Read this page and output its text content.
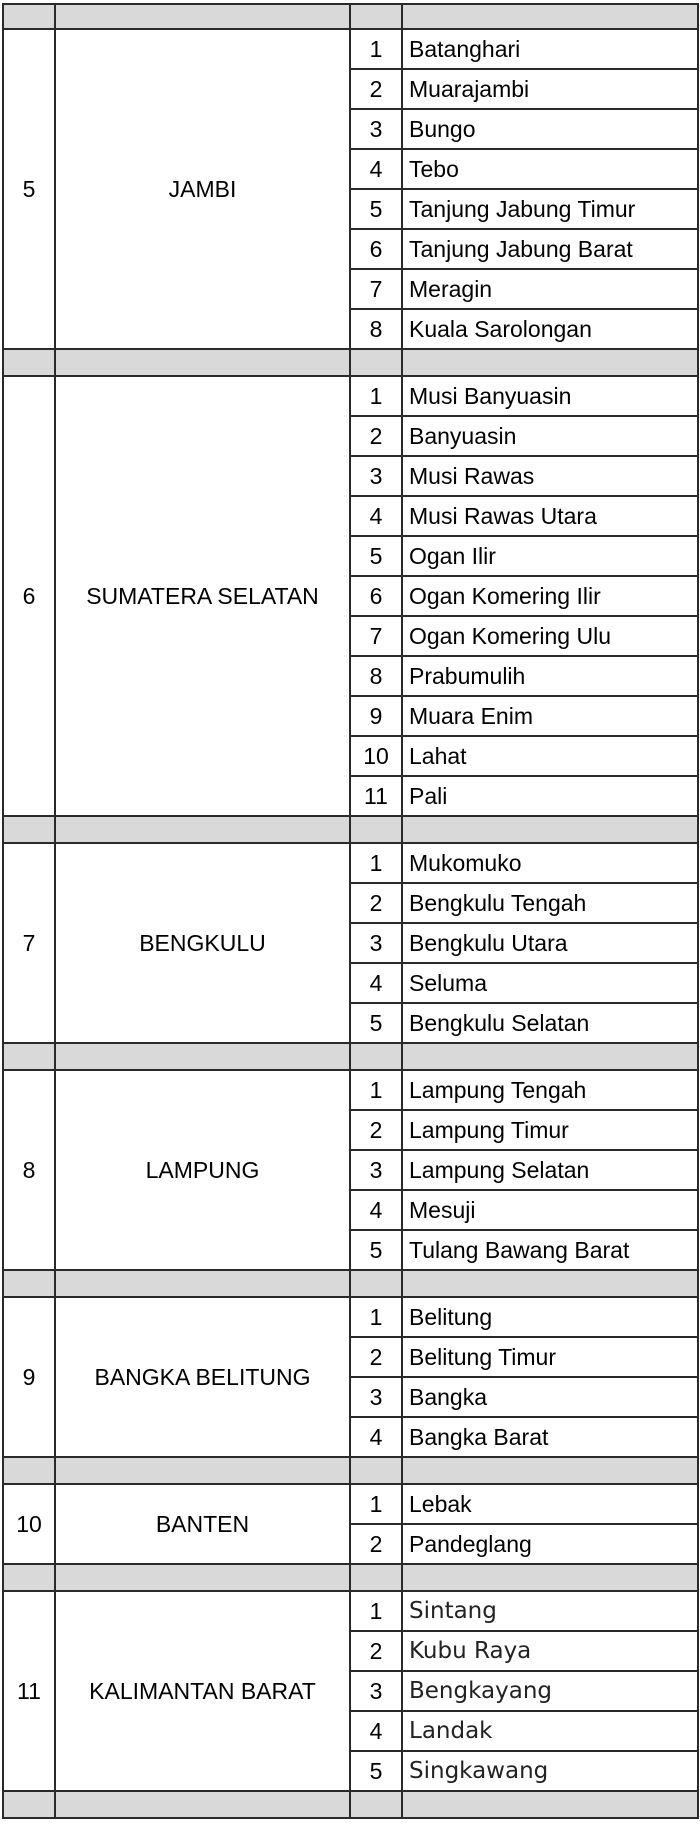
5	JAMBI	1	Batanghari
		2	Muarajambi
		3	Bungo
		4	Tebo
		5	Tanjung Jabung Timur
		6	Tanjung Jabung Barat
		7	Meragin
		8	Kuala Sarolongan

6	SUMATERA SELATAN	1	Musi Banyuasin
		2	Banyuasin
		3	Musi Rawas
		4	Musi Rawas Utara
		5	Ogan Ilir
		6	Ogan Komering Ilir
		7	Ogan Komering Ulu
		8	Prabumulih
		9	Muara Enim
		10	Lahat
		11	Pali

7	BENGKULU	1	Mukomuko
		2	Bengkulu Tengah
		3	Bengkulu Utara
		4	Seluma
		5	Bengkulu Selatan

8	LAMPUNG	1	Lampung Tengah
		2	Lampung Timur
		3	Lampung Selatan
		4	Mesuji
		5	Tulang Bawang Barat

9	BANGKA BELITUNG	1	Belitung
		2	Belitung Timur
		3	Bangka
		4	Bangka Barat

10	BANTEN	1	Lebak
		2	Pandeglang

11	KALIMANTAN BARAT	1	Sintang
		2	Kubu Raya
		3	Bengkayang
		4	Landak
		5	Singkawang
